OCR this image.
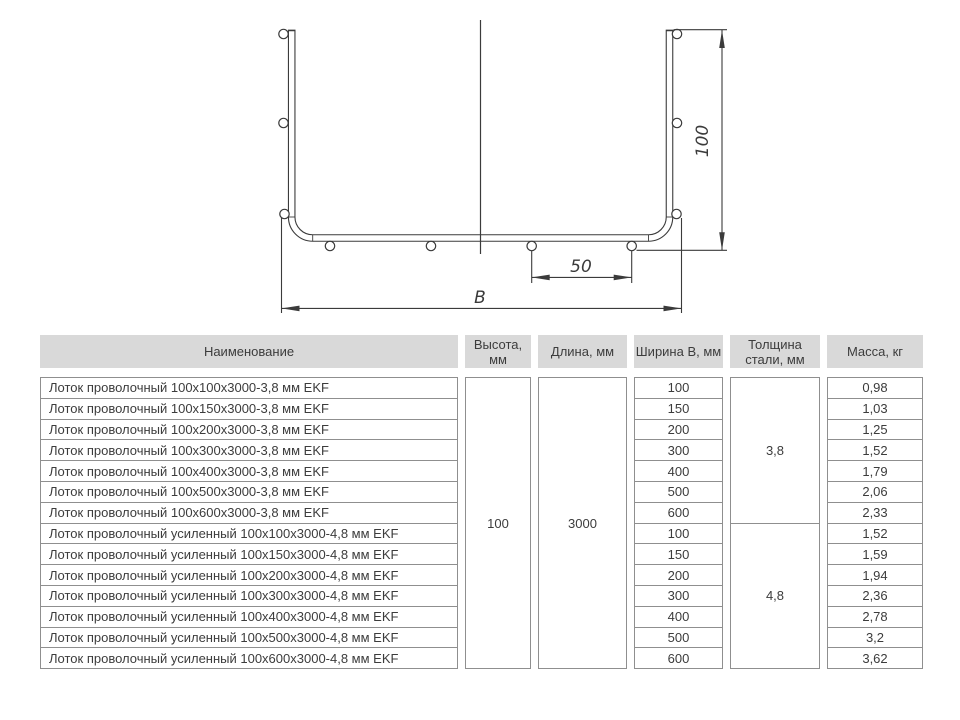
100
50
B
Наименование
Лоток проволочный 100х100х3000-3,8 мм EKF
Лоток проволочный 100х150х3000-3,8 мм EKF
Лоток проволочный 100х200х3000-3,8 мм EKF
Лоток проволочный 100х300х3000-3,8 мм EKF
Лоток проволочный 100х400х3000-3,8 мм EKF
Лоток проволочный 100х500х3000-3,8 мм EKF
Лоток проволочный 100х600х3000-3,8 мм EKF
Лоток проволочный усиленный 100х100х3000-4,8 мм EKF
Лоток проволочный усиленный 100х150х3000-4,8 мм EKF
Лоток проволочный усиленный 100х200х3000-4,8 мм EKF
Лоток проволочный усиленный 100х300х3000-4,8 мм EKF
Лоток проволочный усиленный 100х400х3000-4,8 мм EKF
Лоток проволочный усиленный 100х500х3000-4,8 мм EKF
Лоток проволочный усиленный 100х600х3000-4,8 мм EKF
Высота, мм
100
Длина, мм
3000
Ширина B, мм
100
150
200
300
400
500
600
100
150
200
300
400
500
600
Толщина стали, мм
3,8
4,8
Масса, кг
0,98
1,03
1,25
1,52
1,79
2,06
2,33
1,52
1,59
1,94
2,36
2,78
3,2
3,62
